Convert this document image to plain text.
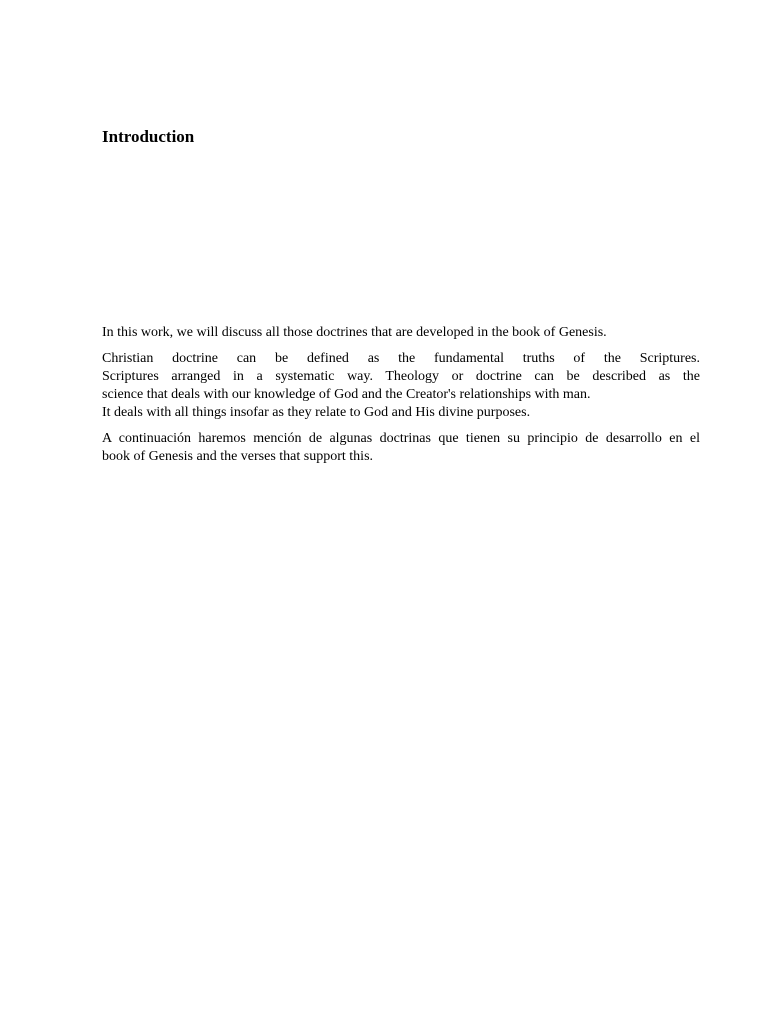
Introduction

In this work, we will discuss all those doctrines that are developed in the book of Genesis.

Christian doctrine can be defined as the fundamental truths of the Scriptures.
Scriptures arranged in a systematic way. Theology or doctrine can be described as the
science that deals with our knowledge of God and the Creator's relationships with man.
It deals with all things insofar as they relate to God and His divine purposes.

A continuación haremos mención de algunas doctrinas que tienen su principio de desarrollo en el
book of Genesis and the verses that support this.
